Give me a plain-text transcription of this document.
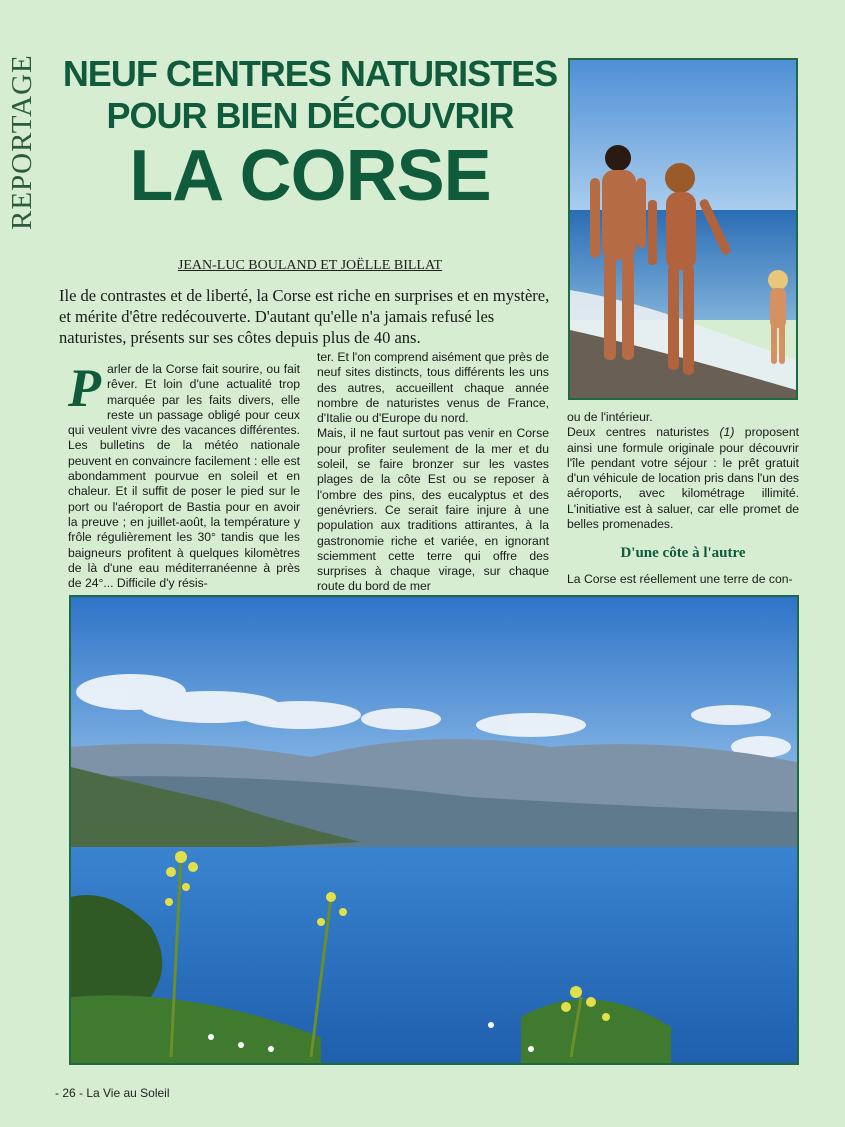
REPORTAGE NEUF CENTRES NATURISTES
POUR BIEN DÉCOUVRIR
LA CORSE
JEAN-LUC BOULAND ET JOËLLE BILLAT

Ile de contrastes et de liberté, la Corse est riche en surprises et en mystère, et mérite d'être redécouverte. D'autant qu'elle n'a jamais refusé les naturistes, présents sur ses côtes depuis plus de 40 ans.

P arler de la Corse fait sourire, ou fait rêver. Et loin d'une actualité trop marquée par les faits divers, elle reste un passage obligé pour ceux qui veulent vivre des vacances différentes. Les bulletins de la météo nationale peuvent en convaincre facilement : elle est abondamment pourvue en soleil et en chaleur. Et il suffit de poser le pied sur le port ou l'aéroport de Bastia pour en avoir la preuve ; en juillet-août, la température y frôle régulièrement les 30° tandis que les baigneurs profitent à quelques kilomètres de là d'une eau méditerranéenne à près de 24°... Difficile d'y résis-

ter. Et l'on comprend aisément que près de neuf sites distincts, tous différents les uns des autres, accueillent chaque année nombre de naturistes venus de France, d'Italie ou d'Europe du nord.

Mais, il ne faut surtout pas venir en Corse pour profiter seulement de la mer et du soleil, se faire bronzer sur les vastes plages de la côte Est ou se reposer à l'ombre des pins, des eucalyptus et des genévriers. Ce serait faire injure à une population aux traditions attirantes, à la gastronomie riche et variée, en ignorant sciemment cette terre qui offre des surprises à chaque virage, sur chaque route du bord de mer

ou de l'intérieur.

Deux centres naturistes (1) proposent ainsi une formule originale pour découvrir l'île pendant votre séjour : le prêt gratuit d'un véhicule de location pris dans l'un des aéroports, avec kilométrage illimité. L'initiative est à saluer, car elle promet de belles promenades.

D'une côte à l'autre

La Corse est réellement une terre de con-

- 26 - La Vie au Soleil
